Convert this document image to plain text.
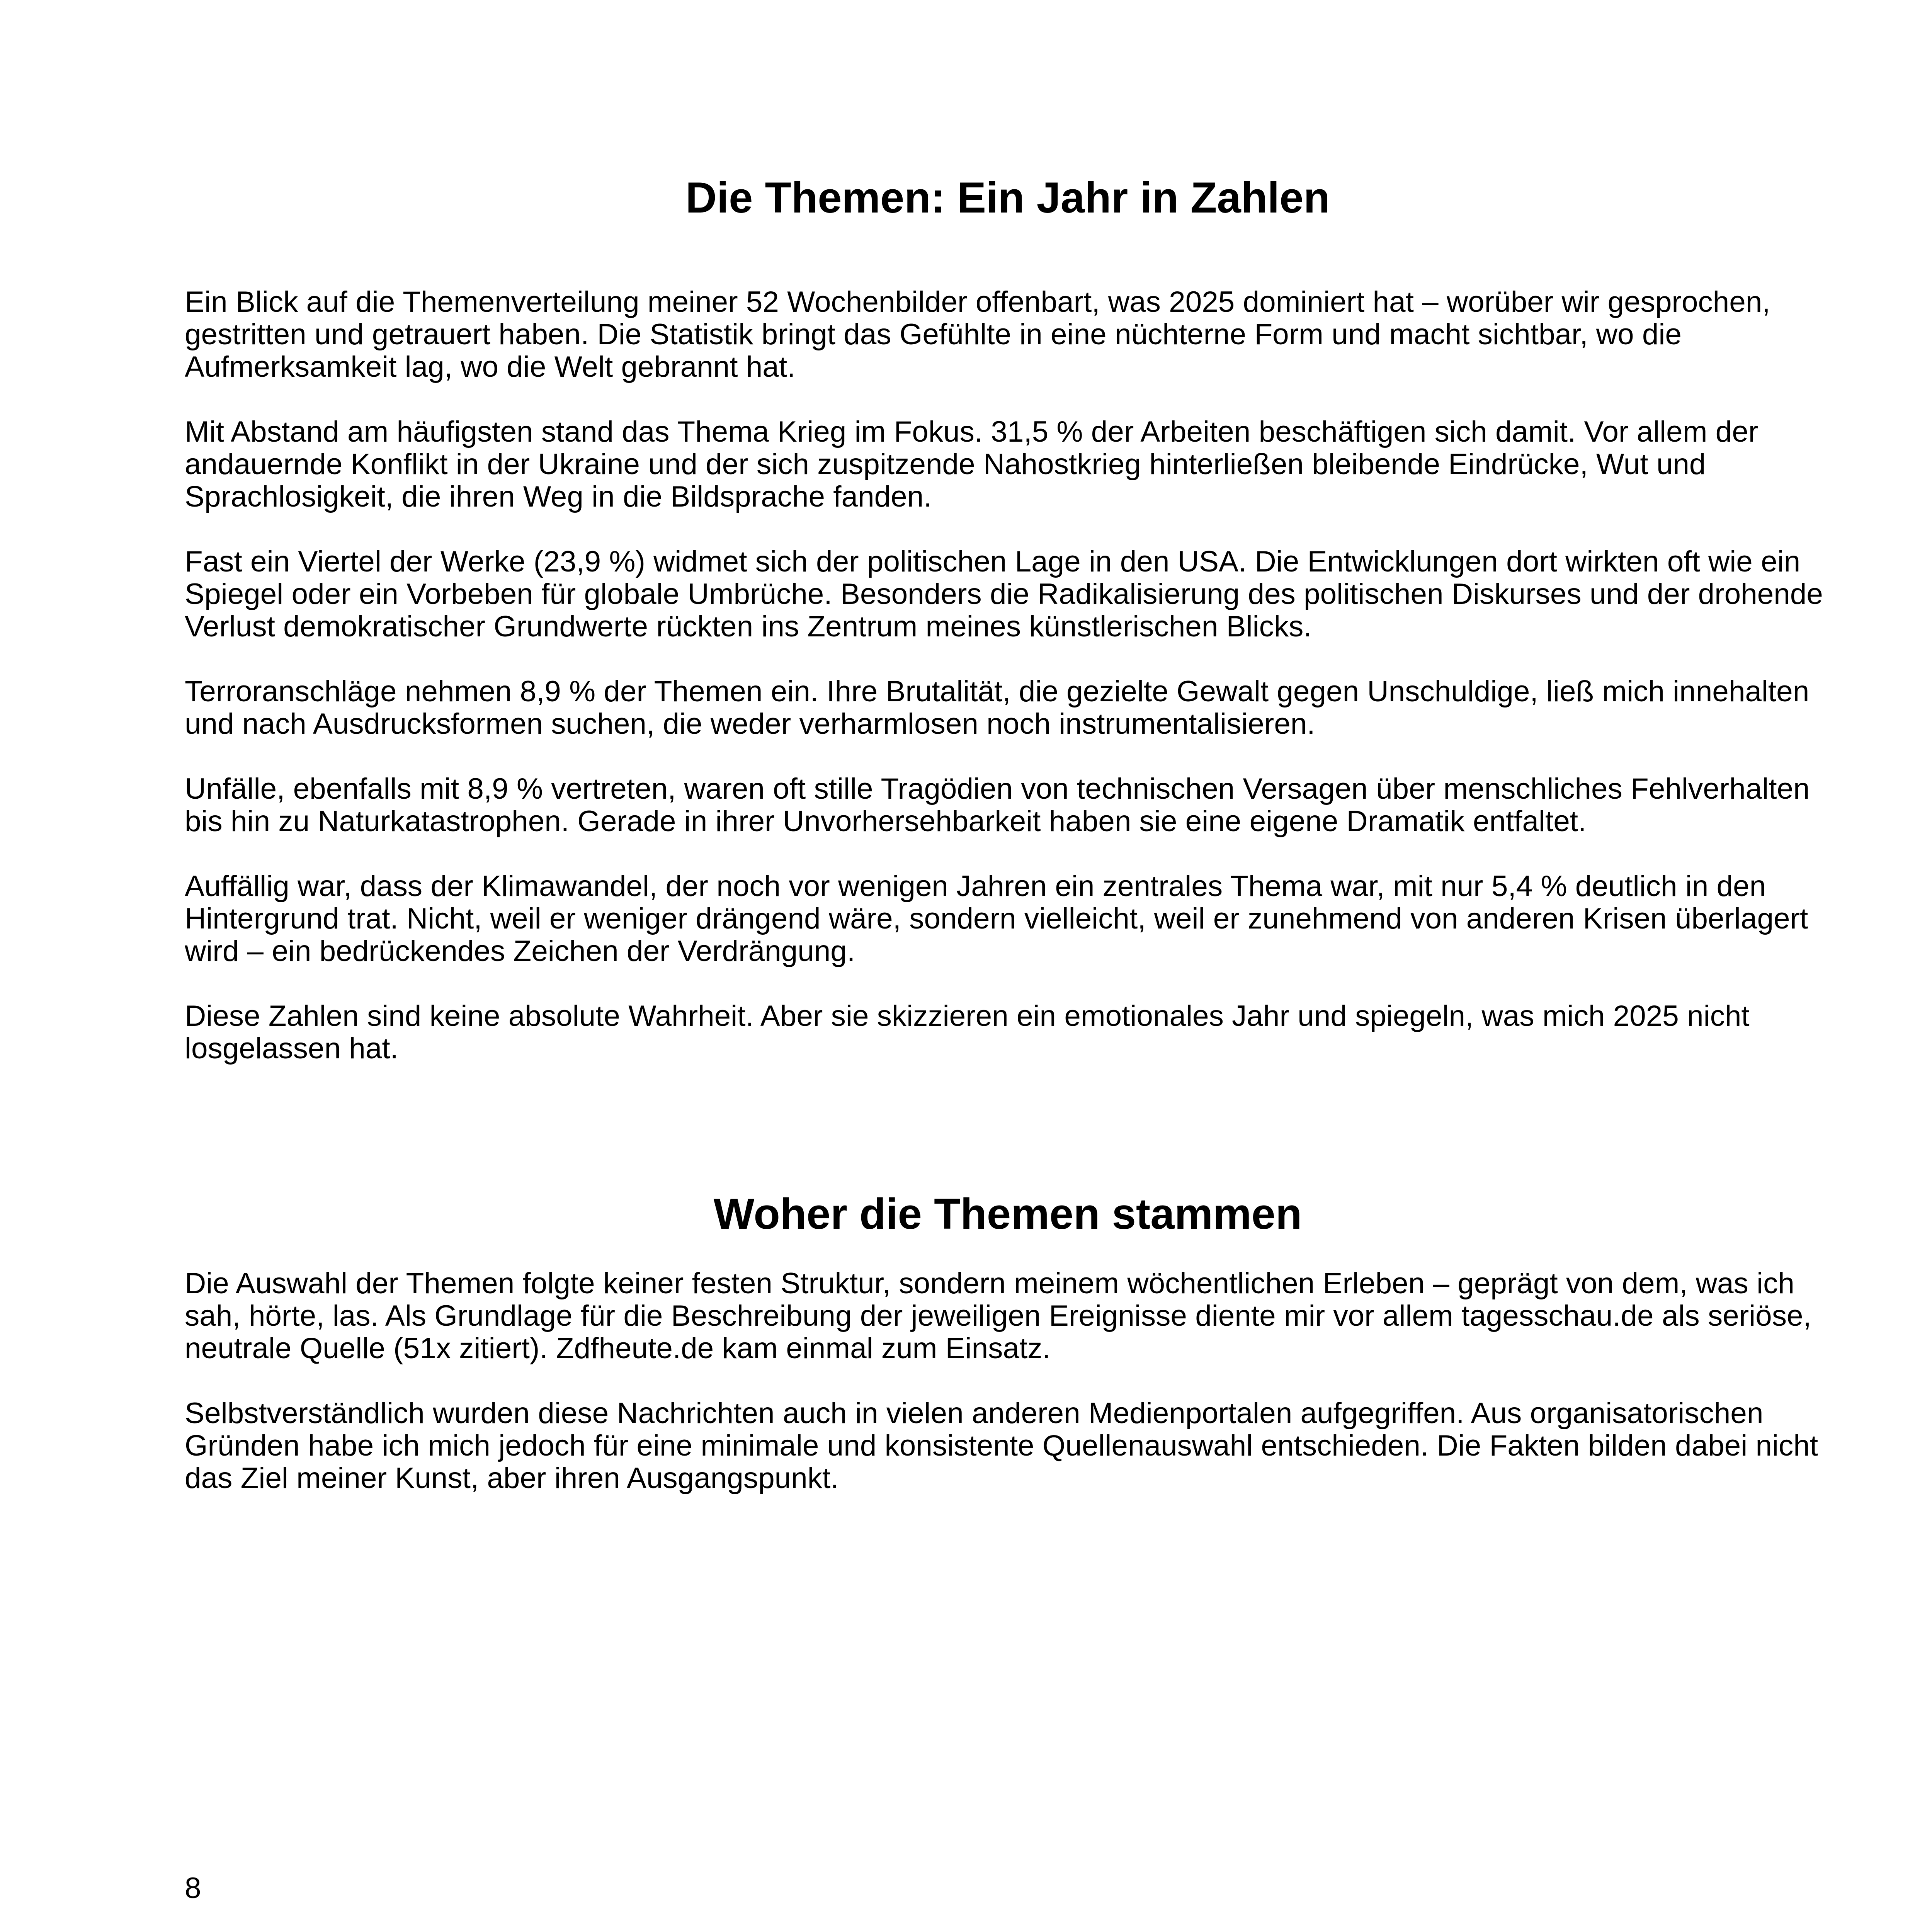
Die Themen: Ein Jahr in Zahlen

Ein Blick auf die Themenverteilung meiner 52 Wochenbilder offenbart, was 2025 dominiert hat – worüber wir gesprochen, gestritten und getrauert haben. Die Statistik bringt das Gefühlte in eine nüchterne Form und macht sichtbar, wo die Aufmerksamkeit lag, wo die Welt gebrannt hat.

Mit Abstand am häufigsten stand das Thema Krieg im Fokus. 31,5 % der Arbeiten beschäftigen sich damit. Vor allem der andauernde Konflikt in der Ukraine und der sich zuspitzende Nahostkrieg hinterließen bleibende Eindrücke, Wut und Sprachlosigkeit, die ihren Weg in die Bildsprache fanden.

Fast ein Viertel der Werke (23,9 %) widmet sich der politischen Lage in den USA. Die Entwicklungen dort wirkten oft wie ein Spiegel oder ein Vorbeben für globale Umbrüche. Besonders die Radikalisierung des politischen Diskurses und der drohende Verlust demokratischer Grundwerte rückten ins Zentrum meines künstlerischen Blicks.

Terroranschläge nehmen 8,9 % der Themen ein. Ihre Brutalität, die gezielte Gewalt gegen Unschuldige, ließ mich innehalten und nach Ausdrucksformen suchen, die weder verharmlosen noch instrumentalisieren.

Unfälle, ebenfalls mit 8,9 % vertreten, waren oft stille Tragödien von technischen Versagen über menschliches Fehlverhalten bis hin zu Naturkatastrophen. Gerade in ihrer Unvorhersehbarkeit haben sie eine eigene Dramatik entfaltet.

Auffällig war, dass der Klimawandel, der noch vor wenigen Jahren ein zentrales Thema war, mit nur 5,4 % deutlich in den Hintergrund trat. Nicht, weil er weniger drängend wäre, sondern vielleicht, weil er zunehmend von anderen Krisen überlagert wird – ein bedrückendes Zeichen der Verdrängung.

Diese Zahlen sind keine absolute Wahrheit. Aber sie skizzieren ein emotionales Jahr und spiegeln, was mich 2025 nicht losgelassen hat.

Woher die Themen stammen

Die Auswahl der Themen folgte keiner festen Struktur, sondern meinem wöchentlichen Erleben – geprägt von dem, was ich sah, hörte, las. Als Grundlage für die Beschreibung der jeweiligen Ereignisse diente mir vor allem tagesschau.de als seriöse, neutrale Quelle (51x zitiert). Zdfheute.de kam einmal zum Einsatz.

Selbstverständlich wurden diese Nachrichten auch in vielen anderen Medienportalen aufgegriffen. Aus organisatorischen Gründen habe ich mich jedoch für eine minimale und konsistente Quellenauswahl entschieden. Die Fakten bilden dabei nicht das Ziel meiner Kunst, aber ihren Ausgangspunkt.

8
